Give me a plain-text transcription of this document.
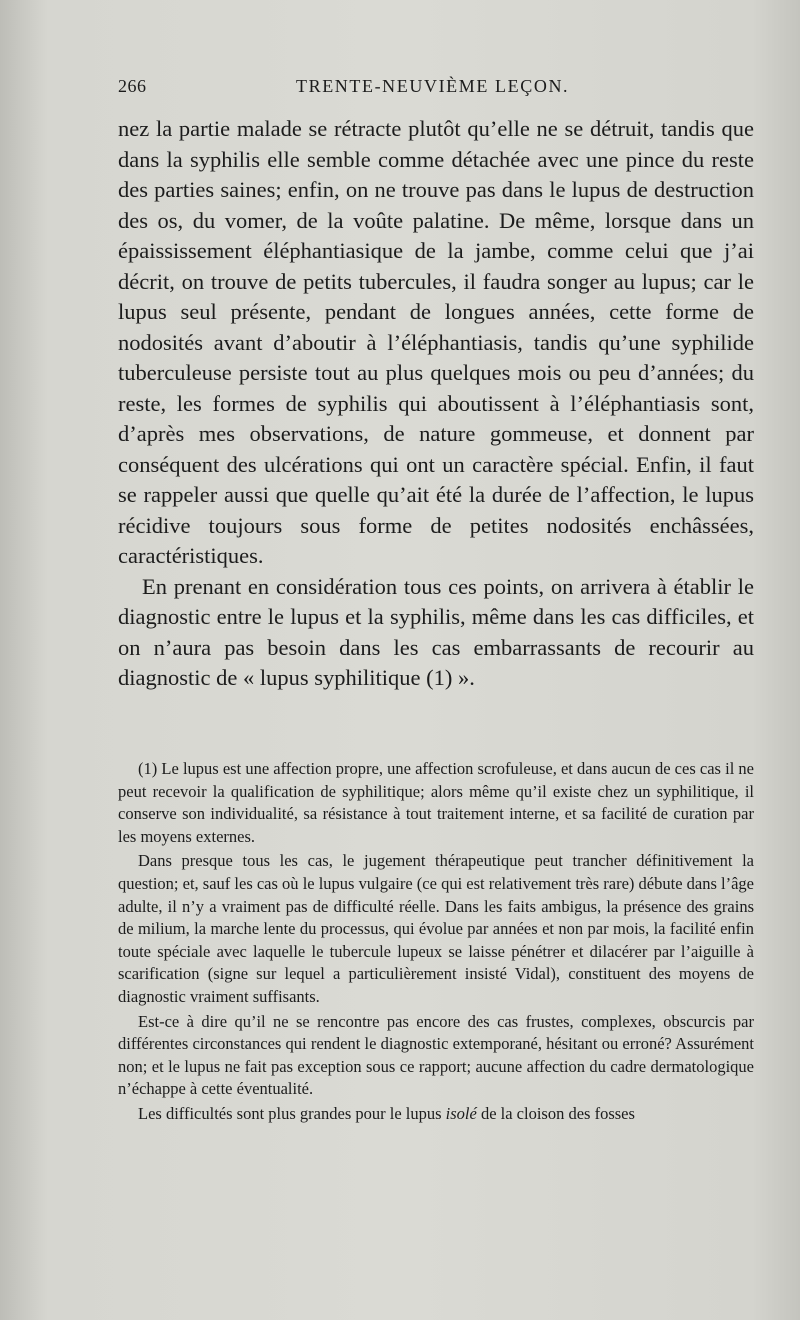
266	TRENTE-NEUVIÈME LEÇON.

nez la partie malade se rétracte plutôt qu’elle ne se détruit, tandis que dans la syphilis elle semble comme détachée avec une pince du reste des parties saines; enfin, on ne trouve pas dans le lupus de destruction des os, du vomer, de la voûte palatine. De même, lorsque dans un épaississement éléphantiasique de la jambe, comme celui que j’ai décrit, on trouve de petits tubercules, il faudra songer au lupus; car le lupus seul présente, pendant de longues années, cette forme de nodosités avant d’aboutir à l’éléphantiasis, tandis qu’une syphilide tuberculeuse persiste tout au plus quelques mois ou peu d’années; du reste, les formes de syphilis qui aboutissent à l’éléphantiasis sont, d’après mes observations, de nature gommeuse, et donnent par conséquent des ulcérations qui ont un caractère spécial. Enfin, il faut se rappeler aussi que quelle qu’ait été la durée de l’affection, le lupus récidive toujours sous forme de petites nodosités enchâssées, caractéristiques.

En prenant en considération tous ces points, on arrivera à établir le diagnostic entre le lupus et la syphilis, même dans les cas difficiles, et on n’aura pas besoin dans les cas embarrassants de recourir au diagnostic de « lupus syphilitique (1) ».

(1) Le lupus est une affection propre, une affection scrofuleuse, et dans aucun de ces cas il ne peut recevoir la qualification de syphilitique; alors même qu’il existe chez un syphilitique, il conserve son individualité, sa résistance à tout traitement interne, et sa facilité de curation par les moyens externes.

Dans presque tous les cas, le jugement thérapeutique peut trancher définitivement la question; et, sauf les cas où le lupus vulgaire (ce qui est relativement très rare) débute dans l’âge adulte, il n’y a vraiment pas de difficulté réelle. Dans les faits ambigus, la présence des grains de milium, la marche lente du processus, qui évolue par années et non par mois, la facilité enfin toute spéciale avec laquelle le tubercule lupeux se laisse pénétrer et dilacérer par l’aiguille à scarification (signe sur lequel a particulièrement insisté Vidal), constituent des moyens de diagnostic vraiment suffisants.

Est-ce à dire qu’il ne se rencontre pas encore des cas frustes, complexes, obscurcis par différentes circonstances qui rendent le diagnostic extemporané, hésitant ou erroné? Assurément non; et le lupus ne fait pas exception sous ce rapport; aucune affection du cadre dermatologique n’échappe à cette éventualité.

Les difficultés sont plus grandes pour le lupus isolé de la cloison des fosses
